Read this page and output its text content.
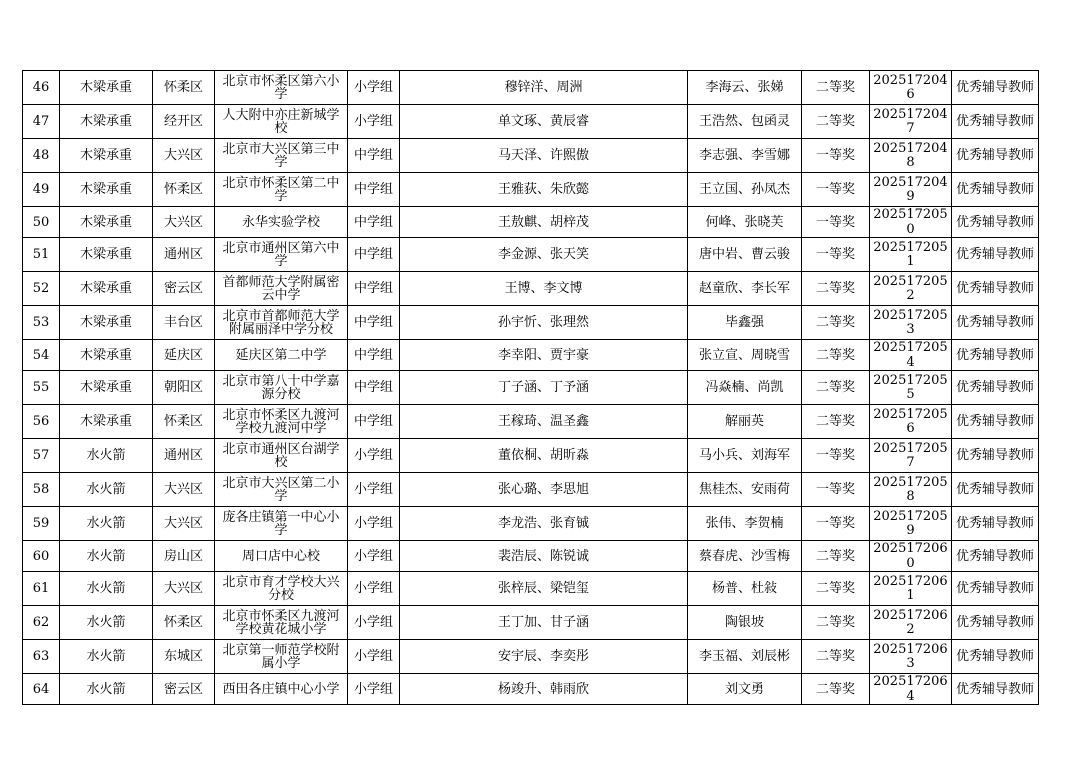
46	木梁承重	怀柔区	北京市怀柔区第六小学	小学组	穆锌洋、周洲	李海云、张娣	二等奖	2025172046	优秀辅导教师
47	木梁承重	经开区	人大附中亦庄新城学校	小学组	单文琢、黄辰睿	王浩然、包函灵	二等奖	2025172047	优秀辅导教师
48	木梁承重	大兴区	北京市大兴区第三中学	中学组	马天泽、许熙傲	李志强、李雪娜	一等奖	2025172048	优秀辅导教师
49	木梁承重	怀柔区	北京市怀柔区第二中学	中学组	王雅荻、朱欣懿	王立国、孙凤杰	一等奖	2025172049	优秀辅导教师
50	木梁承重	大兴区	永华实验学校	中学组	王敖麒、胡梓茂	何峰、张晓芙	一等奖	2025172050	优秀辅导教师
51	木梁承重	通州区	北京市通州区第六中学	中学组	李金源、张天笑	唐中岩、曹云骏	一等奖	2025172051	优秀辅导教师
52	木梁承重	密云区	首都师范大学附属密云中学	中学组	王博、李文博	赵童欣、李长军	二等奖	2025172052	优秀辅导教师
53	木梁承重	丰台区	北京市首都师范大学附属丽泽中学分校	中学组	孙宇忻、张理然	毕鑫强	二等奖	2025172053	优秀辅导教师
54	木梁承重	延庆区	延庆区第二中学	中学组	李幸阳、贾宇豪	张立宣、周晓雪	二等奖	2025172054	优秀辅导教师
55	木梁承重	朝阳区	北京市第八十中学嘉源分校	中学组	丁子涵、丁予涵	冯焱楠、尚凯	二等奖	2025172055	优秀辅导教师
56	木梁承重	怀柔区	北京市怀柔区九渡河学校九渡河中学	中学组	王稼琦、温圣鑫	解丽英	二等奖	2025172056	优秀辅导教师
57	水火箭	通州区	北京市通州区台湖学校	小学组	董依桐、胡昕淼	马小兵、刘海军	一等奖	2025172057	优秀辅导教师
58	水火箭	大兴区	北京市大兴区第二小学	小学组	张心璐、李思旭	焦桂杰、安雨荷	一等奖	2025172058	优秀辅导教师
59	水火箭	大兴区	庞各庄镇第一中心小学	小学组	李龙浩、张育铖	张伟、李贺楠	一等奖	2025172059	优秀辅导教师
60	水火箭	房山区	周口店中心校	小学组	裴浩辰、陈锐诚	蔡春虎、沙雪梅	二等奖	2025172060	优秀辅导教师
61	水火箭	大兴区	北京市育才学校大兴分校	小学组	张梓辰、梁铠玺	杨普、杜敍	二等奖	2025172061	优秀辅导教师
62	水火箭	怀柔区	北京市怀柔区九渡河学校黄花城小学	小学组	王丁加、甘子涵	陶银坡	二等奖	2025172062	优秀辅导教师
63	水火箭	东城区	北京第一师范学校附属小学	小学组	安宇辰、李奕彤	李玉福、刘辰彬	二等奖	2025172063	优秀辅导教师
64	水火箭	密云区	西田各庄镇中心小学	小学组	杨竣升、韩雨欣	刘文勇	二等奖	2025172064	优秀辅导教师
